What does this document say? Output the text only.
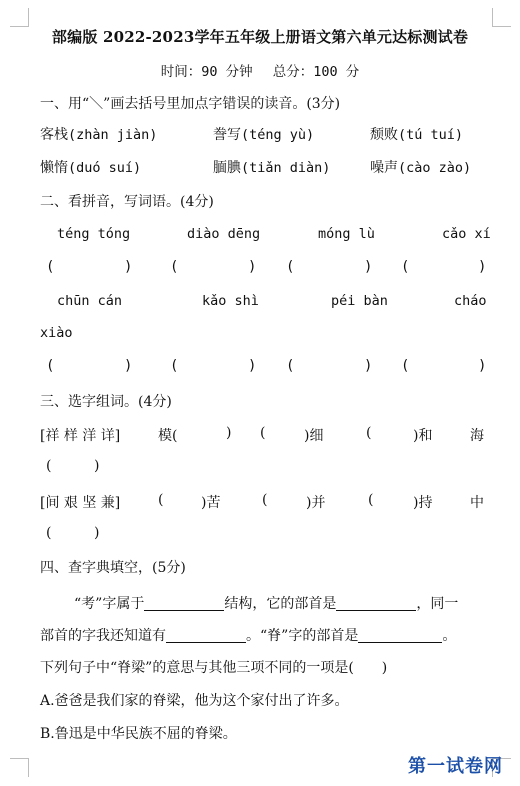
部编版 2022-2023学年五年级上册语文第六单元达标测试卷
时间：90 分钟 总分：100 分
一、用“＼”画去括号里加点字错误的读音。(3分)
客栈(zhàn jiàn)	誊写(téng yù)	颓败(tú tuí)
懒惰(duó suí)	腼腆(tiǎn diàn)	噪声(cào zào)
二、看拼音，写词语。(4分)
téng tóng	diào dēng	móng lù	cǎo xí
(	)	(	) (	) (	)
chūn cán	kǎo shì	péi bàn	cháo
xiào
(	)	(	) (	) (	)
三、选字组词。(4分)
[祥 样 洋 详]	模(	) (	)细	(	)和	海
(	)
[间 艰 坚 兼]	(	)苦	(	)并	(	)持	中
(	)
四、查字典填空，(5分)
“考”字属于	结构，它的部首是	，同一
部首的字我还知道有	。“脊”字的部首是	。
下列句子中“脊梁”的意思与其他三项不同的一项是(　　)
A.爸爸是我们家的脊梁，他为这个家付出了许多。
B.鲁迅是中华民族不屈的脊梁。
第一试卷网
